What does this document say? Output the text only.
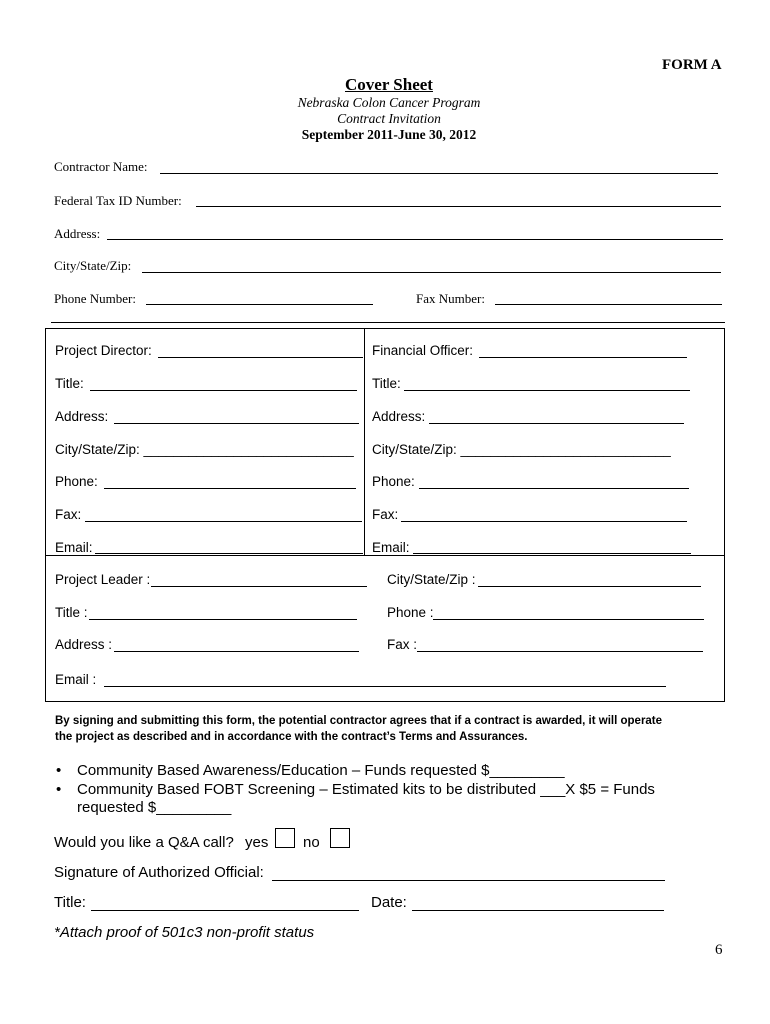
FORM A
Cover Sheet
Nebraska Colon Cancer Program
Contract Invitation
September 2011-June 30, 2012
Contractor Name:
Federal Tax ID Number:
Address:
City/State/Zip:
Phone Number:	Fax Number:
Project Director:
Title:
Address:
City/State/Zip: ____________________________
Phone:
Fax:
Email:
Financial Officer:
Title:
Address:
City/State/Zip: ____________________________
Phone:
Fax:
Email:
Project Leader :
Title :
Address :
Email :
City/State/Zip :
Phone :
Fax :
By signing and submitting this form, the potential contractor agrees that if a contract is awarded, it will operate
the project as described and in accordance with the contract’s Terms and Assurances.
• Community Based Awareness/Education – Funds requested $_________
• Community Based FOBT Screening – Estimated kits to be distributed ___X $5 = Funds
requested $_________
Would you like a Q&A call? yes no
Signature of Authorized Official:
Title:	Date:
*Attach proof of 501c3 non-profit status
6
